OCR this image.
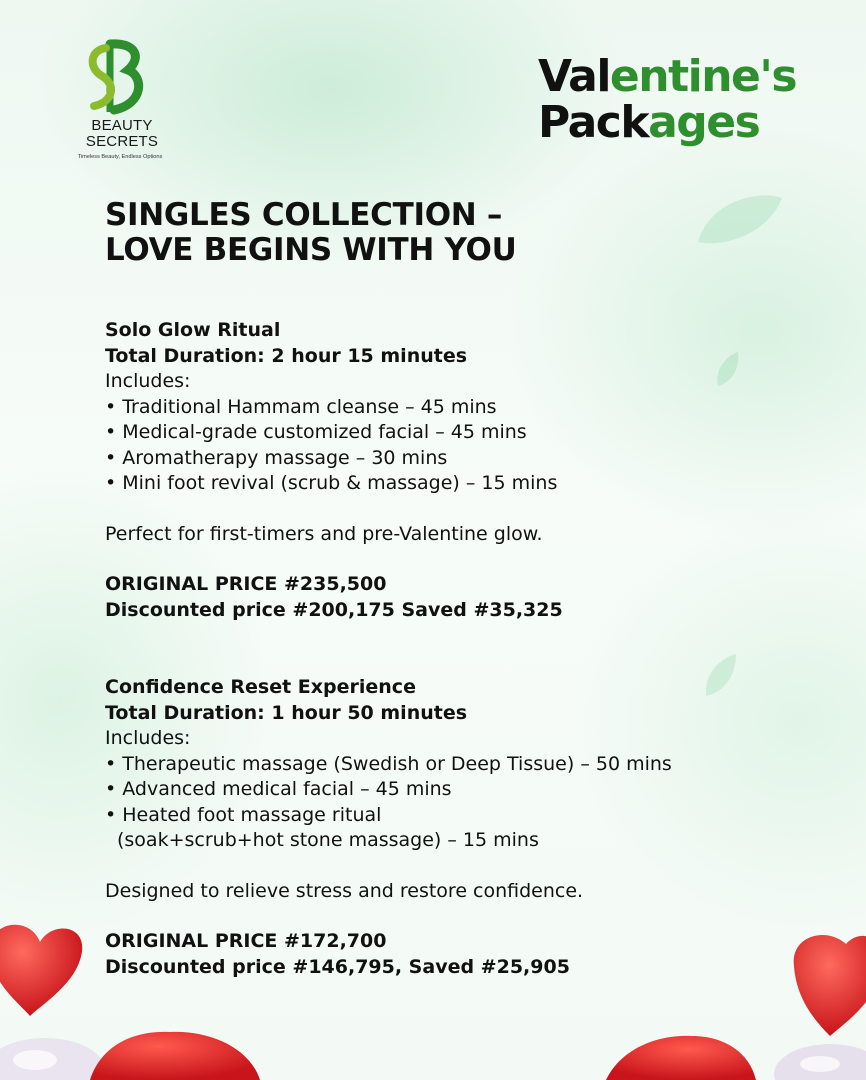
BEAUTY
SECRETS
Timeless Beauty, Endless Options
Valentine's
Packages
SINGLES COLLECTION –
LOVE BEGINS WITH YOU

Solo Glow Ritual

Total Duration: 2 hour 15 minutes

Includes:

• Traditional Hammam cleanse – 45 mins

• Medical-grade customized facial – 45 mins

• Aromatherapy massage – 30 mins

• Mini foot revival (scrub & massage) – 15 mins

Perfect for first-timers and pre-Valentine glow.

ORIGINAL PRICE #235,500

Discounted price #200,175 Saved #35,325

Confidence Reset Experience

Total Duration: 1 hour 50 minutes

Includes:

• Therapeutic massage (Swedish or Deep Tissue) – 50 mins

• Advanced medical facial – 45 mins

• Heated foot massage ritual

(soak+scrub+hot stone massage) – 15 mins

Designed to relieve stress and restore confidence.

ORIGINAL PRICE #172,700

Discounted price #146,795, Saved #25,905
